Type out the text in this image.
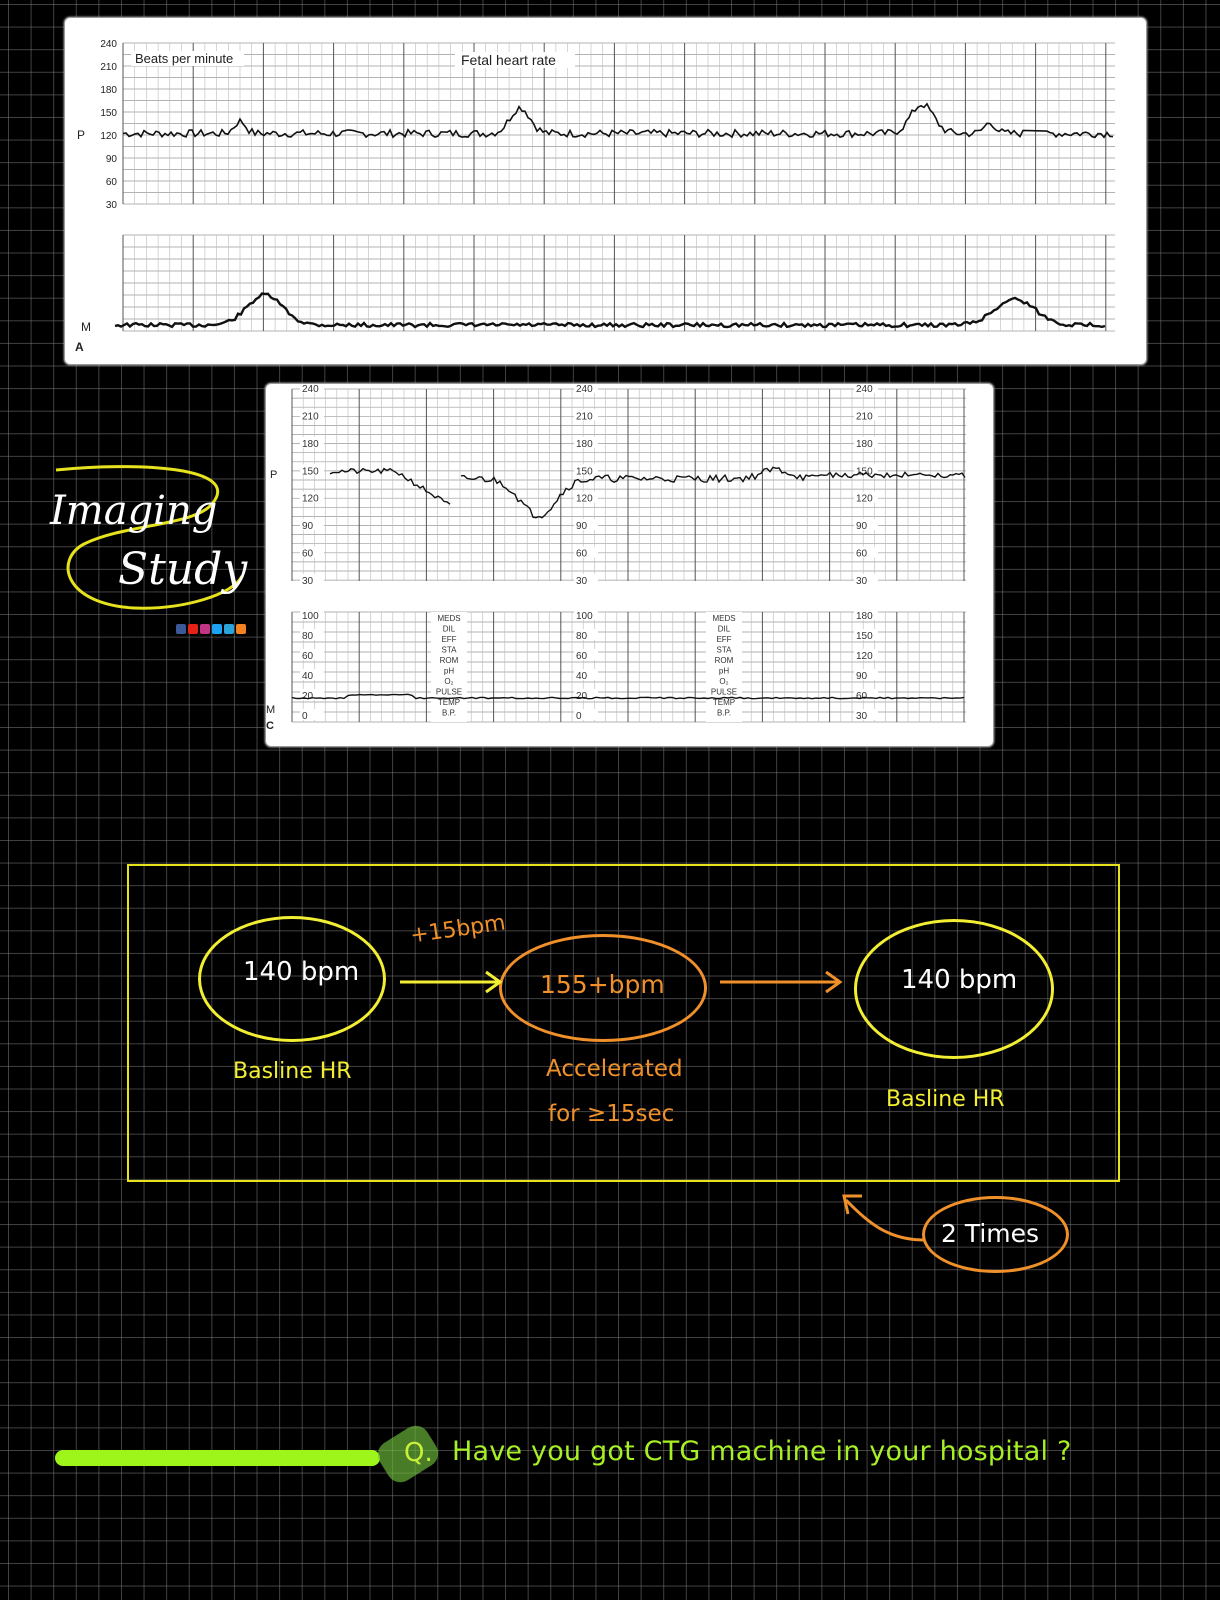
240
210
180
150
120
90
60
30
Beats per minute	Fetal heart rate
P
M
A
240	240	240
210	210	210
180	180	180
150	150	150
120	120	120
90	90	90
60	60	60
30	30	30
100
80
60
40
20
0
100
80
60
40
20
0
180
150
120
90
60
30
MEDS
DIL
EFF
STA
ROM
pH
O₂
PULSE
TEMP
B.P.
MEDS
DIL
EFF
STA
ROM
pH
O₂
PULSE
TEMP
B.P.
P
M
C
Imaging
Study
140 bpm
Basline HR
+15bpm
155+bpm
Accelerated
for ≥15sec
140 bpm
Basline HR
2 Times
Q. Have you got CTG machine in your hospital ?
